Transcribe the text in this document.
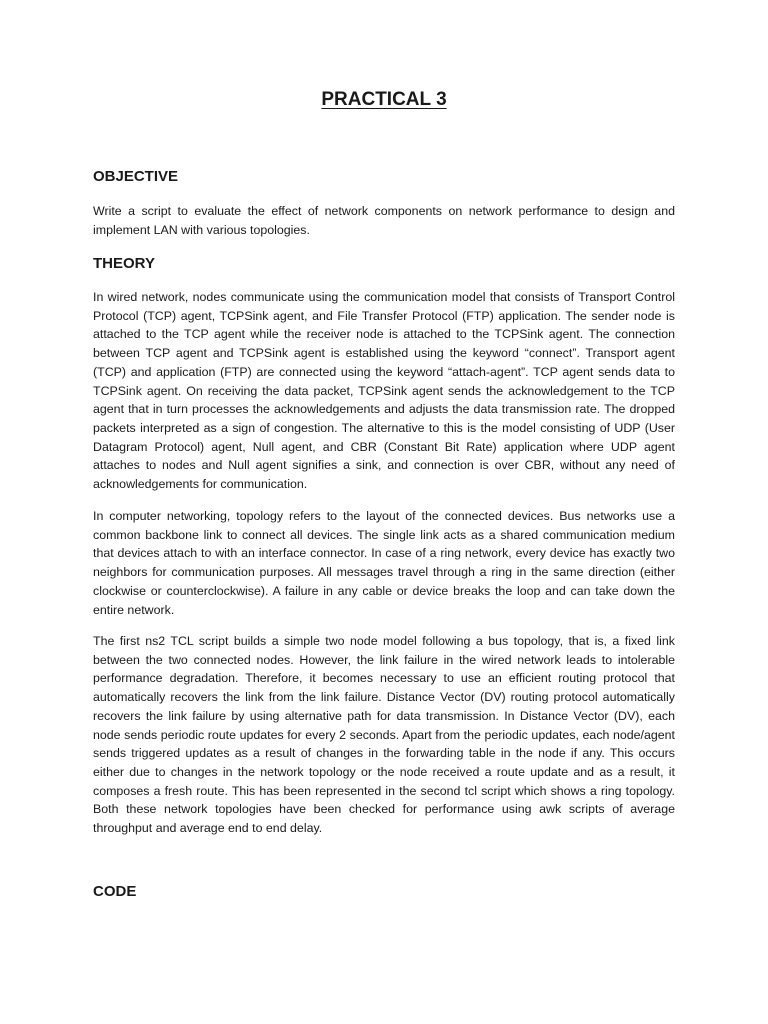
PRACTICAL 3
OBJECTIVE

Write a script to evaluate the effect of network components on network performance to design and implement LAN with various topologies.

THEORY

In wired network, nodes communicate using the communication model that consists of Transport Control Protocol (TCP) agent, TCPSink agent, and File Transfer Protocol (FTP) application. The sender node is attached to the TCP agent while the receiver node is attached to the TCPSink agent. The connection between TCP agent and TCPSink agent is established using the keyword “connect”. Transport agent (TCP) and application (FTP) are connected using the keyword “attach-agent”. TCP agent sends data to TCPSink agent. On receiving the data packet, TCPSink agent sends the acknowledgement to the TCP agent that in turn processes the acknowledgements and adjusts the data transmission rate. The dropped packets interpreted as a sign of congestion. The alternative to this is the model consisting of UDP (User Datagram Protocol) agent, Null agent, and CBR (Constant Bit Rate) application where UDP agent attaches to nodes and Null agent signifies a sink, and connection is over CBR, without any need of acknowledgements for communication.

In computer networking, topology refers to the layout of the connected devices. Bus networks use a common backbone link to connect all devices. The single link acts as a shared communication medium that devices attach to with an interface connector. In case of a ring network, every device has exactly two neighbors for communication purposes. All messages travel through a ring in the same direction (either clockwise or counterclockwise). A failure in any cable or device breaks the loop and can take down the entire network.

The first ns2 TCL script builds a simple two node model following a bus topology, that is, a fixed link between the two connected nodes. However, the link failure in the wired network leads to intolerable performance degradation. Therefore, it becomes necessary to use an efficient routing protocol that automatically recovers the link from the link failure. Distance Vector (DV) routing protocol automatically recovers the link failure by using alternative path for data transmission. In Distance Vector (DV), each node sends periodic route updates for every 2 seconds. Apart from the periodic updates, each node/agent sends triggered updates as a result of changes in the forwarding table in the node if any. This occurs either due to changes in the network topology or the node received a route update and as a result, it composes a fresh route. This has been represented in the second tcl script which shows a ring topology. Both these network topologies have been checked for performance using awk scripts of average throughput and average end to end delay.

CODE
